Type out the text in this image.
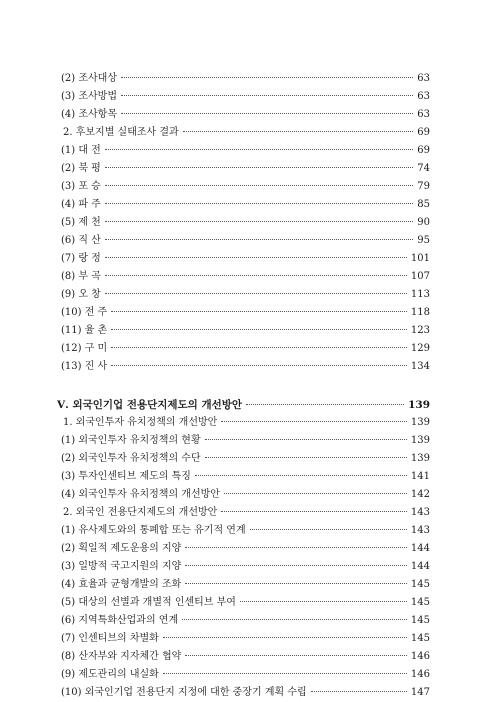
(2) 조사대상	63
(3) 조사방법	63
(4) 조사항목	63
2. 후보지별 실태조사 결과	69
(1) 대 전	69
(2) 북 평	74
(3) 포 승	79
(4) 파 주	85
(5) 제 천	90
(6) 직 산	95
(7) 랑 정	101
(8) 부 곡	107
(9) 오 창	113
(10) 전 주	118
(11) 율 촌	123
(12) 구 미	129
(13) 진 사	134
Ⅴ. 외국인기업 전용단지제도의 개선방안	139
1. 외국인투자 유치정책의 개선방안	139
(1) 외국인투자 유치정책의 현황	139
(2) 외국인투자 유치정책의 수단	139
(3) 투자인센티브 제도의 특징	141
(4) 외국인투자 유치정책의 개선방안	142
2. 외국인 전용단지제도의 개선방안	143
(1) 유사제도와의 통폐합 또는 유기적 연계	143
(2) 획일적 제도운용의 지양	144
(3) 일방적 국고지원의 지양	144
(4) 효율과 균형개발의 조화	145
(5) 대상의 선별과 개별적 인센티브 부여	145
(6) 지역특화산업과의 연계	145
(7) 인센티브의 차별화	145
(8) 산자부와 지자체간 협약	146
(9) 제도관리의 내실화	146
(10) 외국인기업 전용단지 지정에 대한 중장기 계획 수립	147
